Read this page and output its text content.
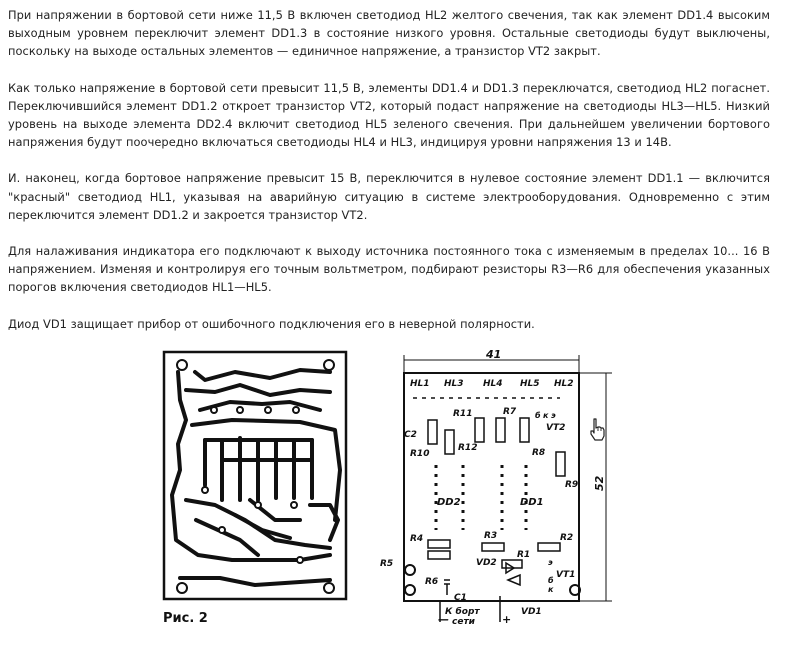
При напряжении в бортовой сети ниже 11,5 В включен светодиод HL2 желтого свечения, так как элемент DD1.4 высоким выходным уровнем переключит элемент DD1.3 в состояние низкого уровня. Остальные светодиоды будут выключены, поскольку на выходе остальных элементов — единичное напряжение, а транзистор VT2 закрыт.

Как только напряжение в бортовой сети превысит 11,5 В, элементы DD1.4 и DD1.3 переключатся, светодиод HL2 погаснет. Переключившийся элемент DD1.2 откроет транзистор VT2, который подаст напряжение на светодиоды HL3—HL5. Низкий уровень на выходе элемента DD2.4 включит светодиод HL5 зеленого свечения. При дальнейшем увеличении бортового напряжения будут поочередно включаться светодиоды HL4 и HL3, индицируя уровни напряжения 13 и 14В.

И. наконец, когда бортовое напряжение превысит 15 В, переключится в нулевое состояние элемент DD1.1 — включится "красный" светодиод HL1, указывая на аварийную ситуацию в системе электрооборудования. Одновременно с этим переключится элемент DD1.2 и закроется транзистор VT2.

Для налаживания индикатора его подключают к выходу источника постоянного тока с изменяемым в пределах 10... 16 В напряжением. Изменяя и контролируя его точным вольтметром, подбирают резисторы R3—R6 для обеспечения указанных порогов включения светодиодов HL1—HL5.

Диод VD1 защищает прибор от ошибочного подключения его в неверной полярности.

—	+
41
52
HL1 HL3 HL4 HL5 HL2
R11	R7
R12	R8
R10
R9
R3	R2
R4
R5
R6
R1
DD2	DD1
VT2
VT1
б к э
э
б
к
C2
C1
VD1
VD2
К борт
сети
Рис. 2
